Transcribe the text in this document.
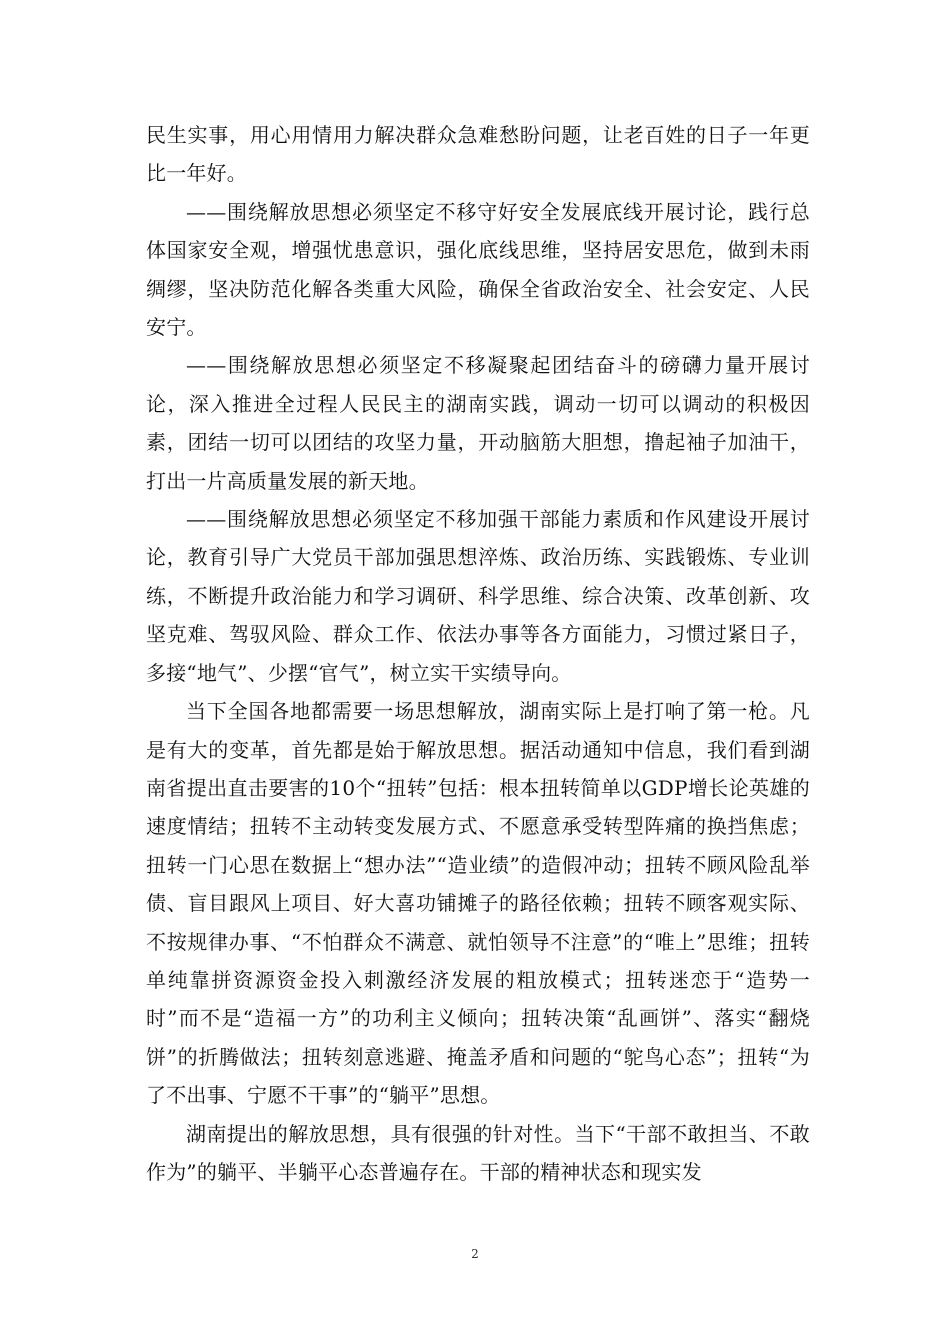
民生实事，用心用情用力解决群众急难愁盼问题，让老百姓的日子一年更比一年好。

——围绕解放思想必须坚定不移守好安全发展底线开展讨论，践行总体国家安全观，增强忧患意识，强化底线思维，坚持居安思危，做到未雨绸缪，坚决防范化解各类重大风险，确保全省政治安全、社会安定、人民安宁。

——围绕解放思想必须坚定不移凝聚起团结奋斗的磅礴力量开展讨论，深入推进全过程人民民主的湖南实践，调动一切可以调动的积极因素，团结一切可以团结的攻坚力量，开动脑筋大胆想，撸起袖子加油干，打出一片高质量发展的新天地。

——围绕解放思想必须坚定不移加强干部能力素质和作风建设开展讨论，教育引导广大党员干部加强思想淬炼、政治历练、实践锻炼、专业训练，不断提升政治能力和学习调研、科学思维、综合决策、改革创新、攻坚克难、驾驭风险、群众工作、依法办事等各方面能力，习惯过紧日子，多接“地气”、少摆“官气”，树立实干实绩导向。

当下全国各地都需要一场思想解放，湖南实际上是打响了第一枪。凡是有大的变革，首先都是始于解放思想。据活动通知中信息，我们看到湖南省提出直击要害的10个“扭转”包括：根本扭转简单以GDP增长论英雄的速度情结；扭转不主动转变发展方式、不愿意承受转型阵痛的换挡焦虑；扭转一门心思在数据上“想办法”“造业绩”的造假冲动；扭转不顾风险乱举债、盲目跟风上项目、好大喜功铺摊子的路径依赖；扭转不顾客观实际、不按规律办事、“不怕群众不满意、就怕领导不注意”的“唯上”思维；扭转单纯靠拼资源资金投入刺激经济发展的粗放模式；扭转迷恋于“造势一时”而不是“造福一方”的功利主义倾向；扭转决策“乱画饼”、落实“翻烧饼”的折腾做法；扭转刻意逃避、掩盖矛盾和问题的“鸵鸟心态”；扭转“为了不出事、宁愿不干事”的“躺平”思想。

湖南提出的解放思想，具有很强的针对性。当下“干部不敢担当、不敢作为”的躺平、半躺平心态普遍存在。干部的精神状态和现实发

2
